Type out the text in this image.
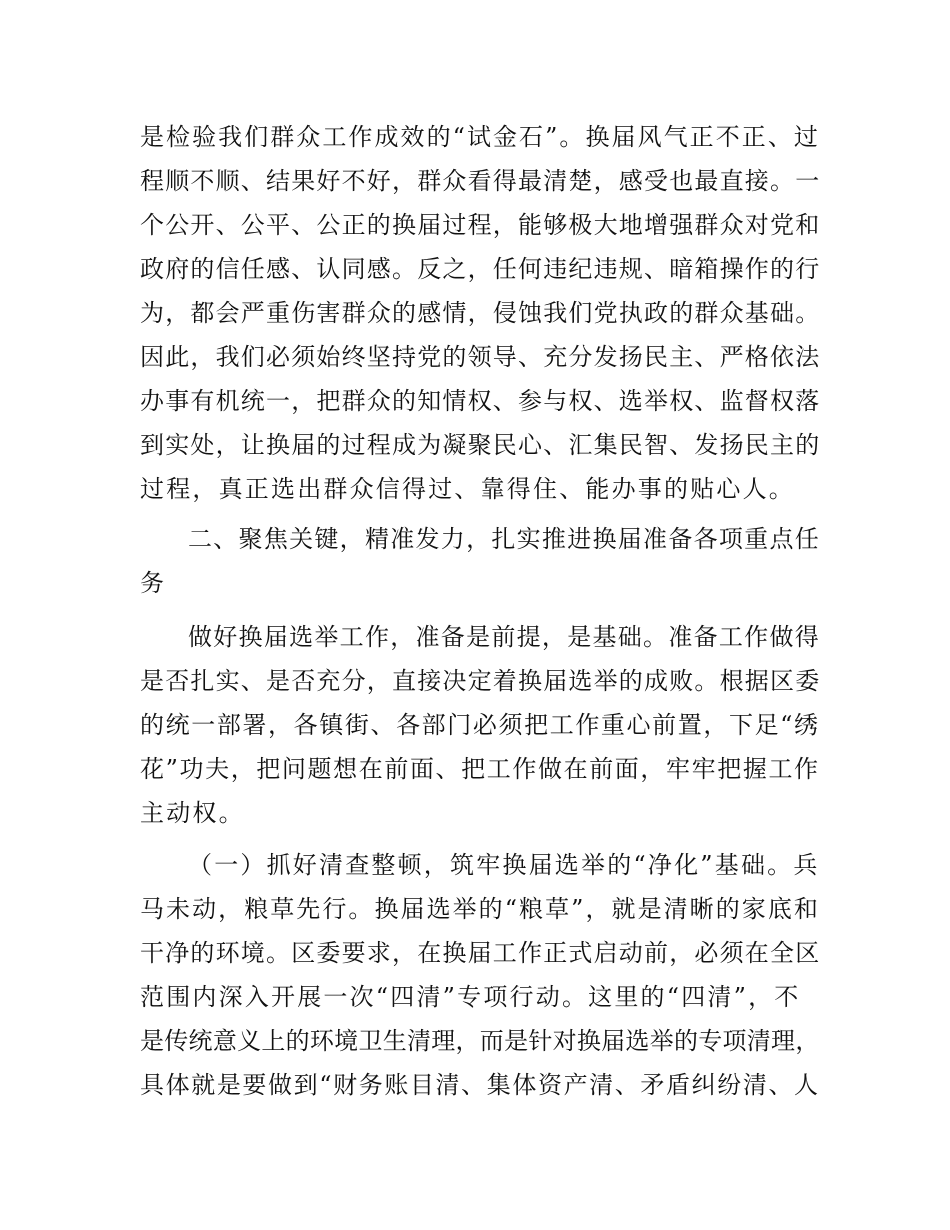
是检验我们群众工作成效的“试金石”。换届风气正不正、过
程顺不顺、结果好不好，群众看得最清楚，感受也最直接。一
个公开、公平、公正的换届过程，能够极大地增强群众对党和
政府的信任感、认同感。反之，任何违纪违规、暗箱操作的行
为，都会严重伤害群众的感情，侵蚀我们党执政的群众基础。
因此，我们必须始终坚持党的领导、充分发扬民主、严格依法
办事有机统一，把群众的知情权、参与权、选举权、监督权落
到实处，让换届的过程成为凝聚民心、汇集民智、发扬民主的
过程，真正选出群众信得过、靠得住、能办事的贴心人。
二、聚焦关键，精准发力，扎实推进换届准备各项重点任
务
做好换届选举工作，准备是前提，是基础。准备工作做得
是否扎实、是否充分，直接决定着换届选举的成败。根据区委
的统一部署，各镇街、各部门必须把工作重心前置，下足“绣
花”功夫，把问题想在前面、把工作做在前面，牢牢把握工作
主动权。
（一）抓好清查整顿，筑牢换届选举的“净化”基础。兵
马未动，粮草先行。换届选举的“粮草”，就是清晰的家底和
干净的环境。区委要求，在换届工作正式启动前，必须在全区
范围内深入开展一次“四清”专项行动。这里的“四清”，不
是传统意义上的环境卫生清理，而是针对换届选举的专项清理，
具体就是要做到“财务账目清、集体资产清、矛盾纠纷清、人
